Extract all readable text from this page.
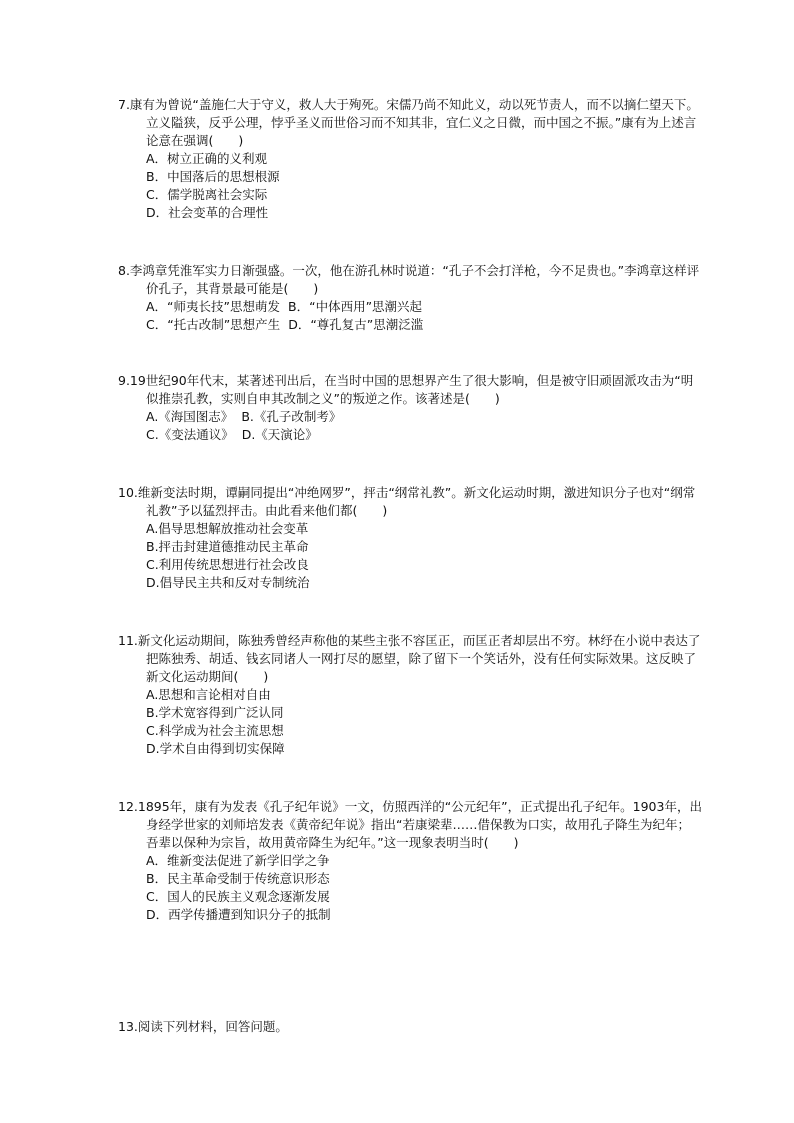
7.康有为曾说“盖施仁大于守义，救人大于殉死。宋儒乃尚不知此义，动以死节责人，而不以摘仁望天下。立义隘狭，反乎公理，悖乎圣义而世俗习而不知其非，宜仁义之日微，而中国之不振。”康有为上述言论意在强调(　　)

A．树立正确的义利观

B．中国落后的思想根源

C．儒学脱离社会实际

D．社会变革的合理性

8.李鸿章凭淮军实力日渐强盛。一次，他在游孔林时说道：“孔子不会打洋枪，今不足贵也。”李鸿章这样评价孔子，其背景最可能是(　　)

A．“师夷长技”思想萌发 B．“中体西用”思潮兴起
C．“托古改制”思想产生 D．“尊孔复古”思潮泛滥

9.19世纪90年代末，某著述刊出后，在当时中国的思想界产生了很大影响，但是被守旧顽固派攻击为“明似推崇孔教，实则自申其改制之义”的叛逆之作。该著述是(　　)

A.《海国图志》 B.《孔子改制考》
C.《变法通议》 D.《天演论》

10.维新变法时期，谭嗣同提出“冲绝网罗”，抨击“纲常礼教”。新文化运动时期，激进知识分子也对“纲常礼教”予以猛烈抨击。由此看来他们都(　　)

A.倡导思想解放推动社会变革

B.抨击封建道德推动民主革命

C.利用传统思想进行社会改良

D.倡导民主共和反对专制统治

11.新文化运动期间，陈独秀曾经声称他的某些主张不容匡正，而匡正者却层出不穷。林纾在小说中表达了把陈独秀、胡适、钱玄同诸人一网打尽的愿望，除了留下一个笑话外，没有任何实际效果。这反映了新文化运动期间(　　)

A.思想和言论相对自由

B.学术宽容得到广泛认同

C.科学成为社会主流思想

D.学术自由得到切实保障

12.1895年，康有为发表《孔子纪年说》一文，仿照西洋的“公元纪年”，正式提出孔子纪年。1903年，出身经学世家的刘师培发表《黄帝纪年说》指出“若康梁辈……借保教为口实，故用孔子降生为纪年；吾辈以保种为宗旨，故用黄帝降生为纪年。”这一现象表明当时(　　)

A．维新变法促进了新学旧学之争

B．民主革命受制于传统意识形态

C．国人的民族主义观念逐渐发展

D．西学传播遭到知识分子的抵制

13.阅读下列材料，回答问题。
